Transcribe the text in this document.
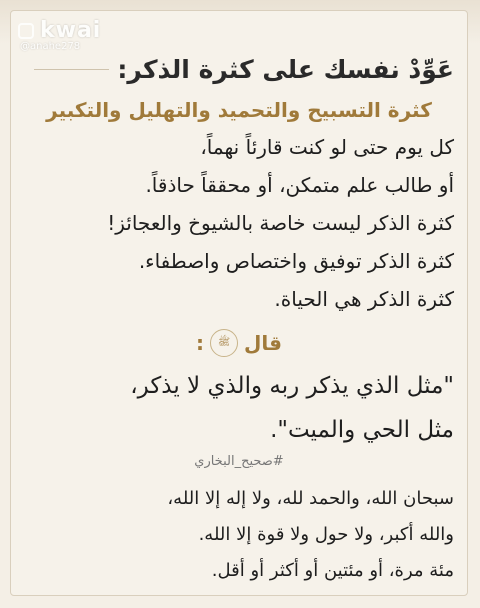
kwai
@anahe278
عَوِّدْ نفسك على كثرة الذكر:
كثرة التسبيح والتحميد والتهليل والتكبير
كل يوم حتى لو كنت قارئاً نهماً،
أو طالب علم متمكن، أو محققاً حاذقاً.
كثرة الذكر ليست خاصة بالشيوخ والعجائز!
كثرة الذكر توفيق واختصاص واصطفاء.
كثرة الذكر هي الحياة.
قال
ﷺ
:
"مثل الذي يذكر ربه والذي لا يذكر،
مثل الحي والميت".
#صحيح_البخاري
سبحان الله، والحمد لله، ولا إله إلا الله،
والله أكبر، ولا حول ولا قوة إلا الله.
مئة مرة، أو مئتين أو أكثر أو أقل.
